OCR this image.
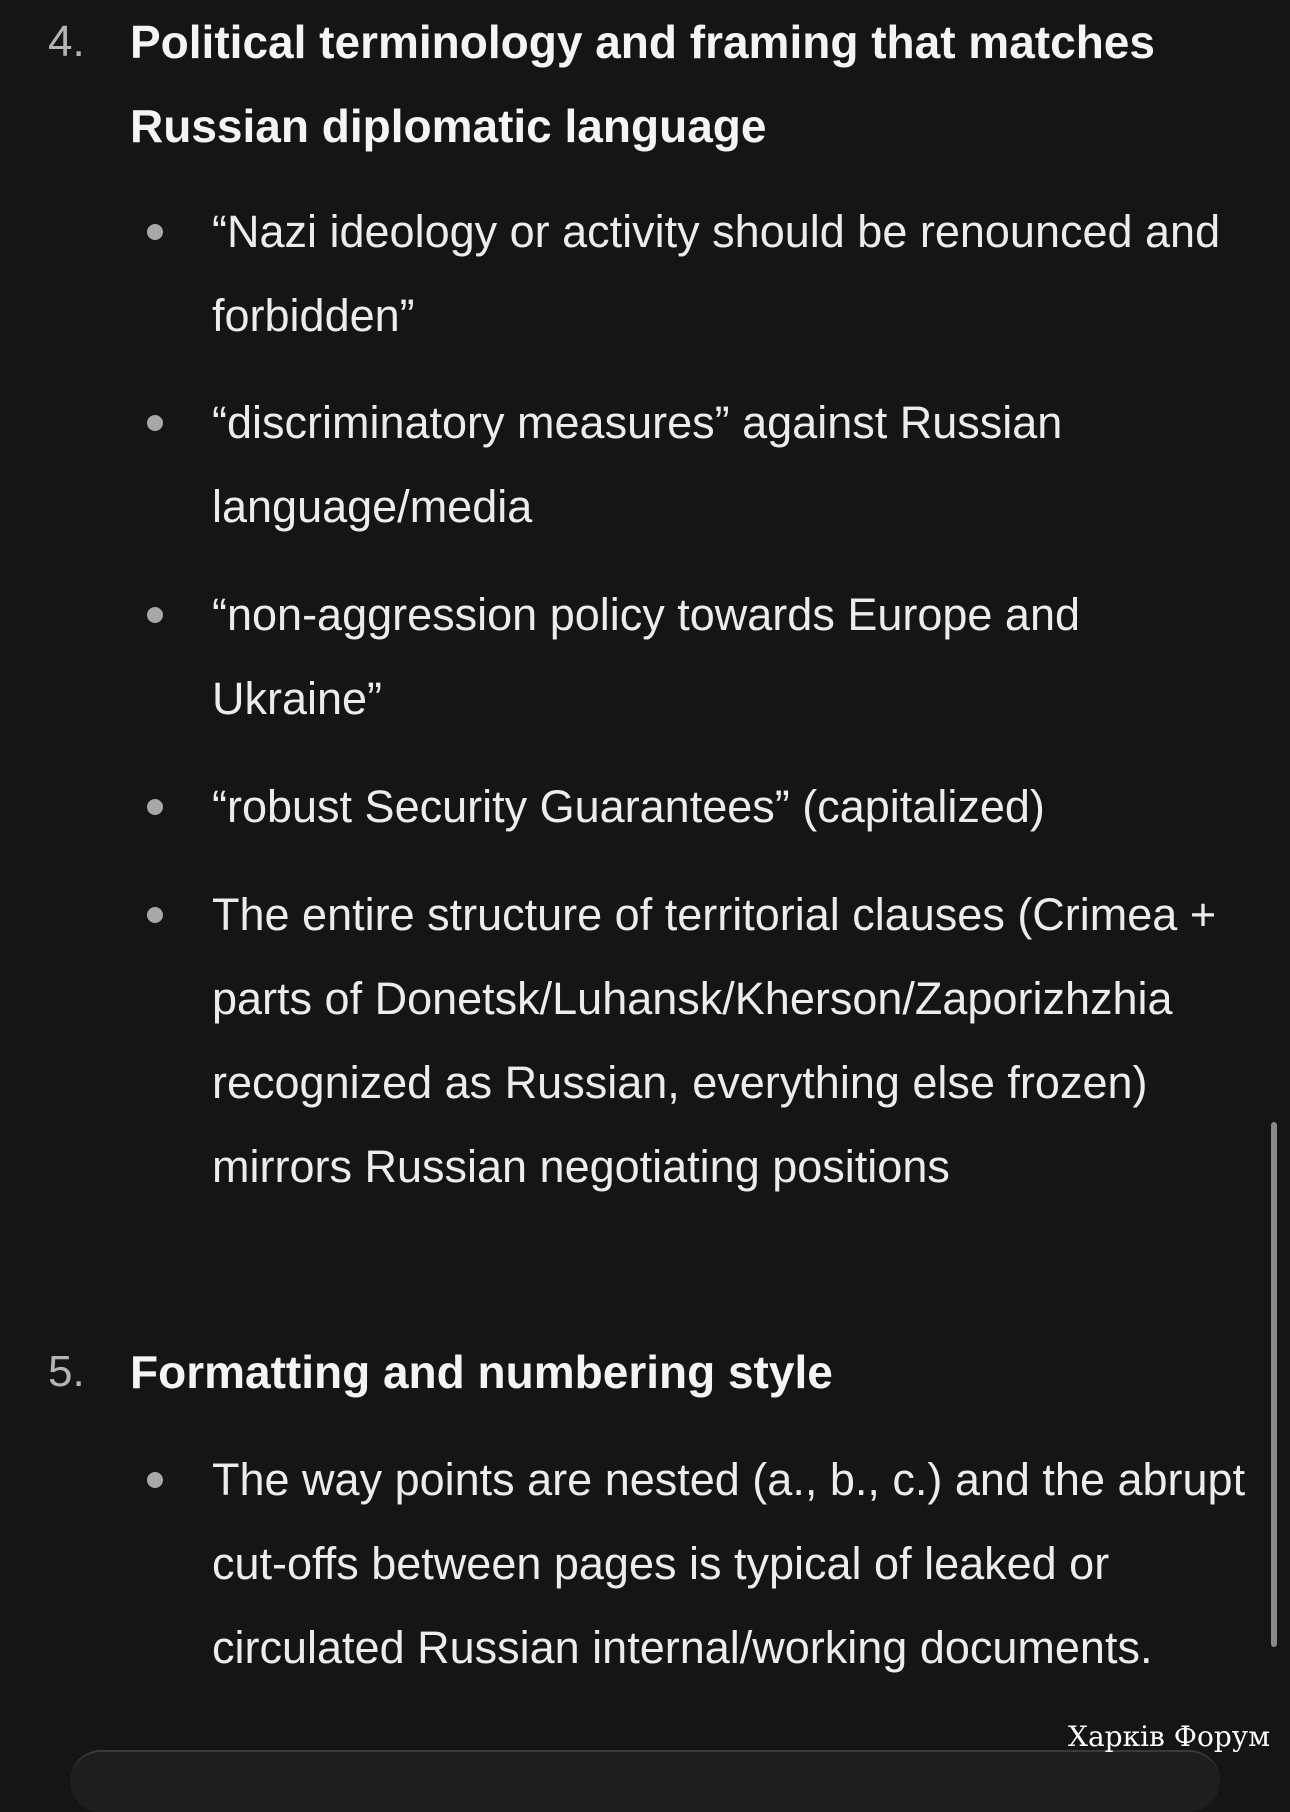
4. Political terminology and framing that matches Russian diplomatic language
“Nazi ideology or activity should be renounced and forbidden”
“discriminatory measures” against Russian language/media
“non-aggression policy towards Europe and Ukraine”
“robust Security Guarantees” (capitalized)
The entire structure of territorial clauses (Crimea + parts of Donetsk/Luhansk/Kherson/Zaporizhzhia recognized as Russian, everything else frozen) mirrors Russian negotiating positions
5. Formatting and numbering style
The way points are nested (a., b., c.) and the abrupt cut-offs between pages is typical of leaked or circulated Russian internal/working documents.
Харків Форум
